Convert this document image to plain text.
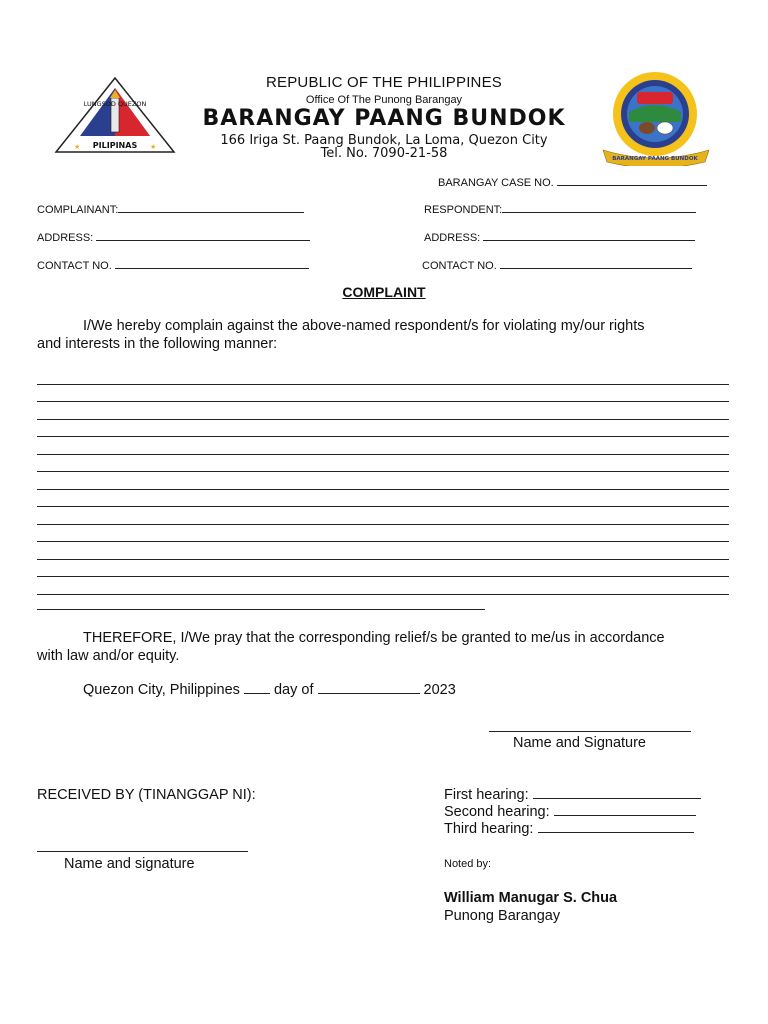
LUNGSOD QUEZON
PILIPINAS
★	★
BARANGAY PAANG BUNDOK
REPUBLIC OF THE PHILIPPINES
Office Of The Punong Barangay
BARANGAY PAANG BUNDOK
166 Iriga St. Paang Bundok, La Loma, Quezon City
Tel. No. 7090-21-58
BARANGAY CASE NO.
COMPLAINANT:	RESPONDENT:
ADDRESS:	ADDRESS:
CONTACT NO.	CONTACT NO.
COMPLAINT
I/We hereby complain against the above-named respondent/s for violating my/our rights
and interests in the following manner:
THEREFORE, I/We pray that the corresponding relief/s be granted to me/us in accordance
with law and/or equity.
Quezon City, Philippines day of	2023
Name and Signature
RECEIVED BY (TINANGGAP NI):
Name and signature
First hearing:
Second hearing:
Third hearing:
Noted by:
William Manugar S. Chua
Punong Barangay
